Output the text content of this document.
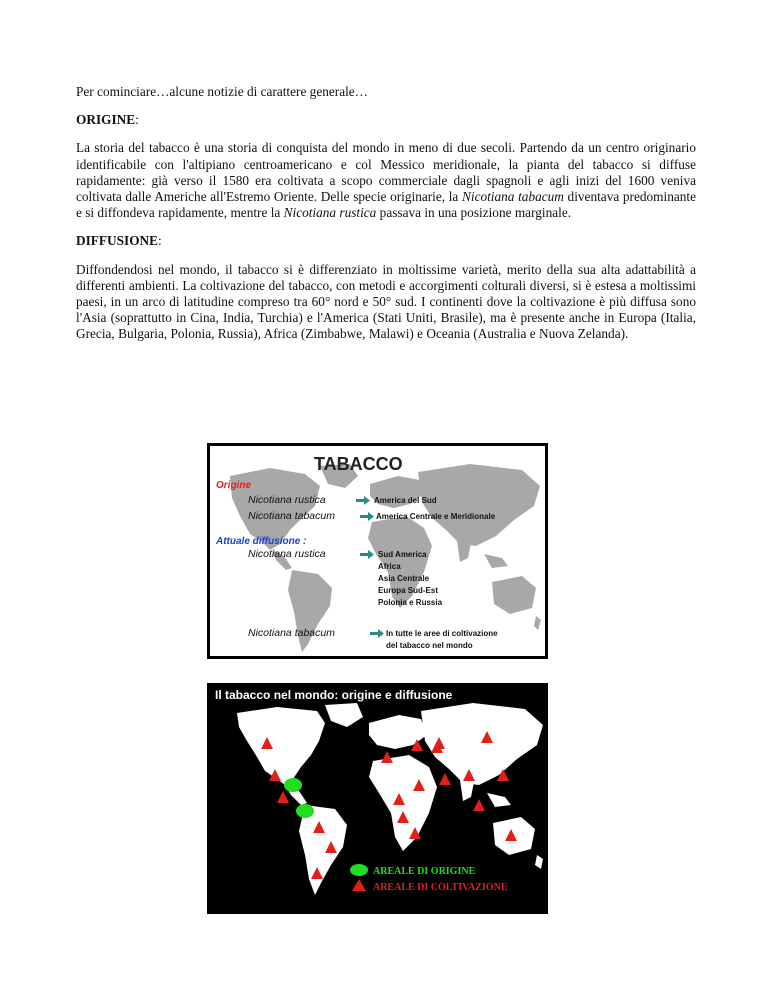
Per cominciare…alcune notizie di carattere generale…

ORIGINE:

La storia del tabacco è una storia di conquista del mondo in meno di due secoli. Partendo da un centro originario identificabile con l'altipiano centroamericano e col Messico meridionale, la pianta del tabacco si diffuse rapidamente: già verso il 1580 era coltivata a scopo commerciale dagli spagnoli e agli inizi del 1600 veniva coltivata dalle Americhe all'Estremo Oriente. Delle specie originarie, la Nicotiana tabacum diventava predominante e si diffondeva rapidamente, mentre la Nicotiana rustica passava in una posizione marginale.

DIFFUSIONE:

Diffondendosi nel mondo, il tabacco si è differenziato in moltissime varietà, merito della sua alta adattabilità a differenti ambienti. La coltivazione del tabacco, con metodi e accorgimenti colturali diversi, si è estesa a moltissimi paesi, in un arco di latitudine compreso tra 60° nord e 50° sud. I continenti dove la coltivazione è più diffusa sono l'Asia (soprattutto in Cina, India, Turchia) e l'America (Stati Uniti, Brasile), ma è presente anche in Europa (Italia, Grecia, Bulgaria, Polonia, Russia), Africa (Zimbabwe, Malawi) e Oceania (Australia e Nuova Zelanda).

TABACCO
Origine
Nicotiana rustica	America del Sud
Nicotiana tabacum	America Centrale e Meridionale
Attuale diffusione :
Nicotiana rustica	Sud America
Africa
Asia Centrale
Europa Sud-Est
Polonia e Russia
Nicotiana tabacum	In tutte le aree di coltivazione
del tabacco nel mondo
Il tabacco nel mondo: origine e diffusione
AREALE DI ORIGINE
AREALE DI COLTIVAZIONE
